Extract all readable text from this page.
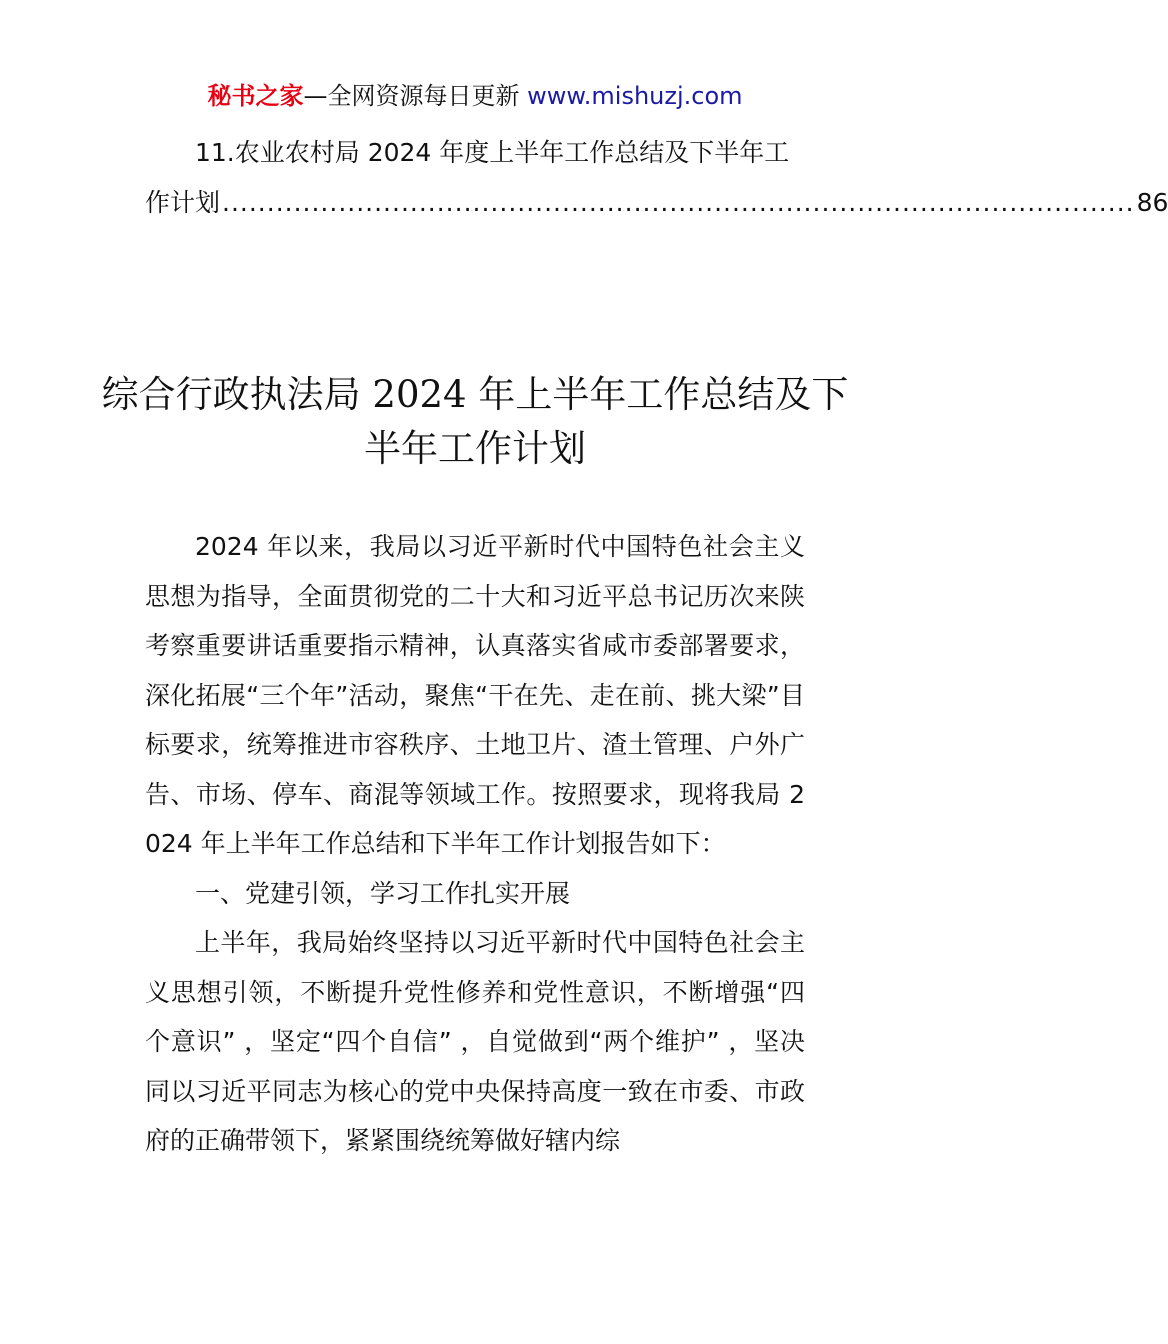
秘书之家—全网资源每日更新 www.mishuzj.com
11.农业农村局 2024 年度上半年工作总结及下半年工
作计划 ...................................................................................................... 86
综合行政执法局 2024 年上半年工作总结及下半年工作计划

2024 年以来，我局以习近平新时代中国特色社会主义思想为指导，全面贯彻党的二十大和习近平总书记历次来陕考察重要讲话重要指示精神，认真落实省咸市委部署要求，深化拓展“三个年”活动，聚焦“干在先、走在前、挑大梁”目标要求，统筹推进市容秩序、土地卫片、渣土管理、户外广告、市场、停车、商混等领域工作。按照要求，现将我局 2024 年上半年工作总结和下半年工作计划报告如下：

一、党建引领，学习工作扎实开展

上半年，我局始终坚持以习近平新时代中国特色社会主义思想引领，不断提升党性修养和党性意识，不断增强“四个意识” ，坚定“四个自信” ，自觉做到“两个维护” ，坚决同以习近平同志为核心的党中央保持高度一致在市委、市政府的正确带领下，紧紧围绕统筹做好辖内综
